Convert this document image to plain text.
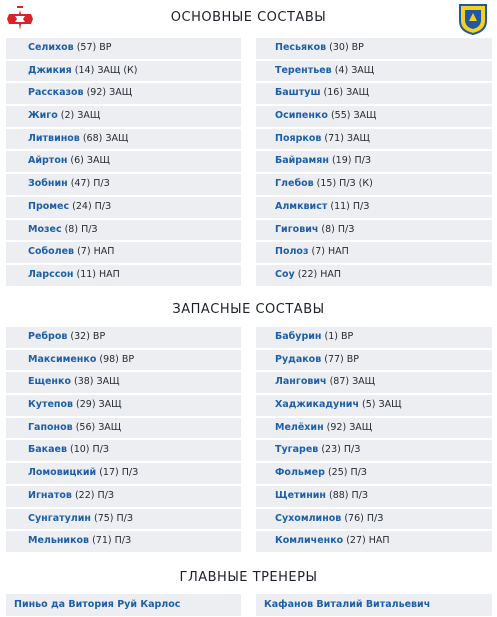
ОСНОВНЫЕ СОСТАВЫ
Селихов (57) ВР	Песьяков (30) ВР
Джикия (14) ЗАЩ (К)	Терентьев (4) ЗАЩ
Рассказов (92) ЗАЩ	Баштуш (16) ЗАЩ
Жиго (2) ЗАЩ	Осипенко (55) ЗАЩ
Литвинов (68) ЗАЩ	Поярков (71) ЗАЩ
Айртон (6) ЗАЩ	Байрамян (19) П/З
Зобнин (47) П/З	Глебов (15) П/З (К)
Промес (24) П/З	Алмквист (11) П/З
Мозес (8) П/З	Гигович (8) П/З
Соболев (7) НАП	Полоз (7) НАП
Ларссон (11) НАП	Соу (22) НАП
ЗАПАСНЫЕ СОСТАВЫ
Ребров (32) ВР	Бабурин (1) ВР
Максименко (98) ВР	Рудаков (77) ВР
Ещенко (38) ЗАЩ	Лангович (87) ЗАЩ
Кутепов (29) ЗАЩ	Хаджикадунич (5) ЗАЩ
Гапонов (56) ЗАЩ	Мелёхин (92) ЗАЩ
Бакаев (10) П/З	Тугарев (23) П/З
Ломовицкий (17) П/З	Фольмер (25) П/З
Игнатов (22) П/З	Щетинин (88) П/З
Сунгатулин (75) П/З	Сухомлинов (76) П/З
Мельников (71) П/З	Комличенко (27) НАП
ГЛАВНЫЕ ТРЕНЕРЫ
Пиньо да Витория Руй Карлос	Кафанов Виталий Витальевич
